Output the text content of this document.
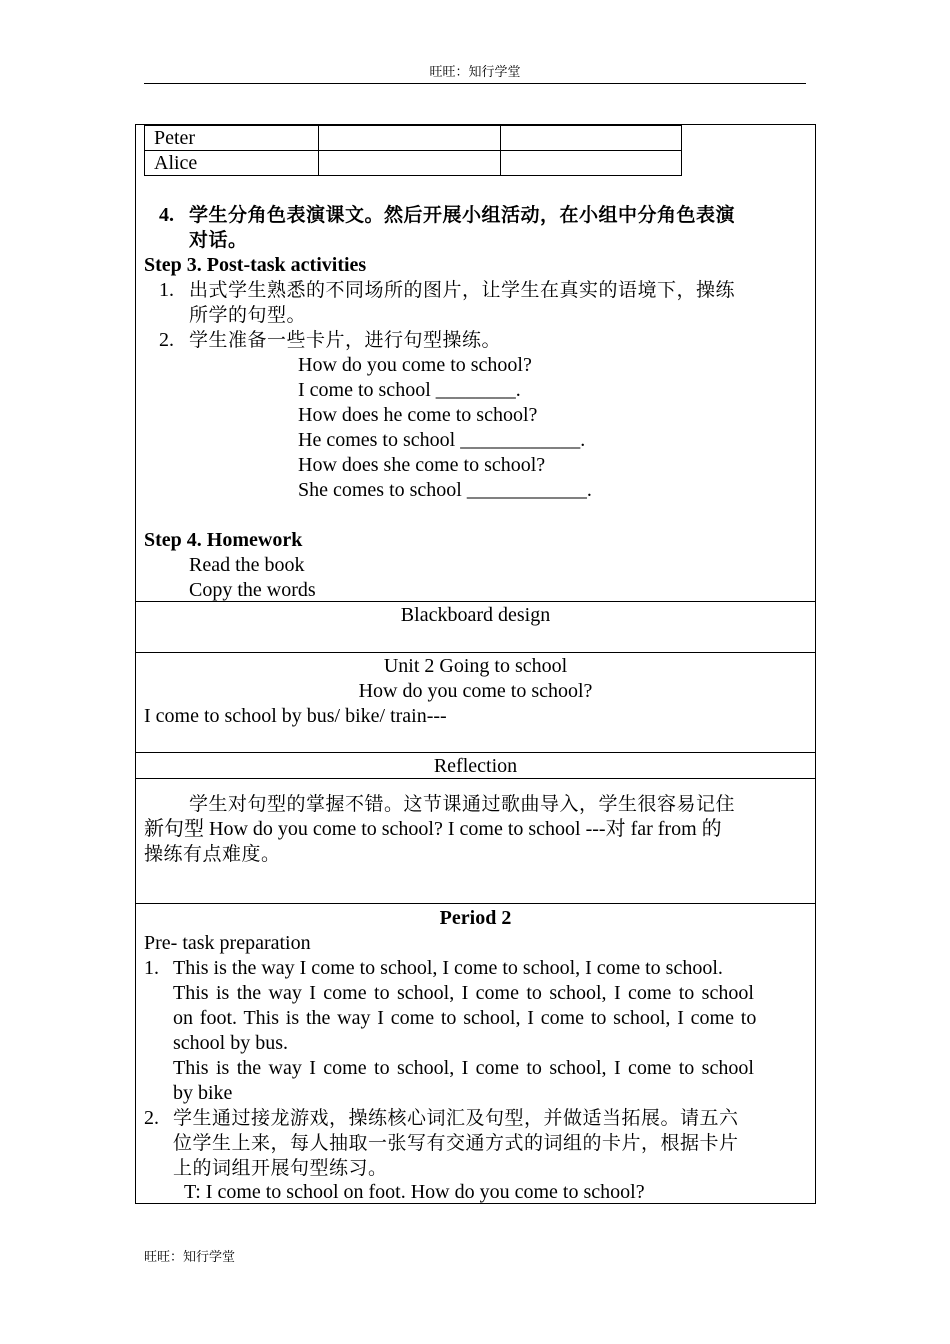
旺旺：知行学堂
Peter		
Alice		
4. 学生分角色表演课文。然后开展小组活动，在小组中分角色表演
对话。
Step 3. Post-task activities
1. 出式学生熟悉的不同场所的图片，让学生在真实的语境下，操练
所学的句型。
2. 学生准备一些卡片，进行句型操练。
How do you come to school?
I come to school ________.
How does he come to school?
He comes to school ____________.
How does she come to school?
She comes to school ____________.
Step 4. Homework
Read the book
Copy the words
Blackboard design
Unit 2 Going to school
How do you come to school?
I come to school by bus/ bike/ train---
Reflection
学生对句型的掌握不错。这节课通过歌曲导入，学生很容易记住
新句型 How do you come to school? I come to school ---对 far from 的
操练有点难度。
Period 2
Pre- task preparation
1. This is the way I come to school, I come to school, I come to school.
This is the way I come to school, I come to school, I come to school
on foot. This is the way I come to school, I come to school, I come to
school by bus.
This is the way I come to school, I come to school, I come to school
by bike
2. 学生通过接龙游戏，操练核心词汇及句型，并做适当拓展。请五六
位学生上来，每人抽取一张写有交通方式的词组的卡片，根据卡片
上的词组开展句型练习。
T: I come to school on foot. How do you come to school?
旺旺：知行学堂
